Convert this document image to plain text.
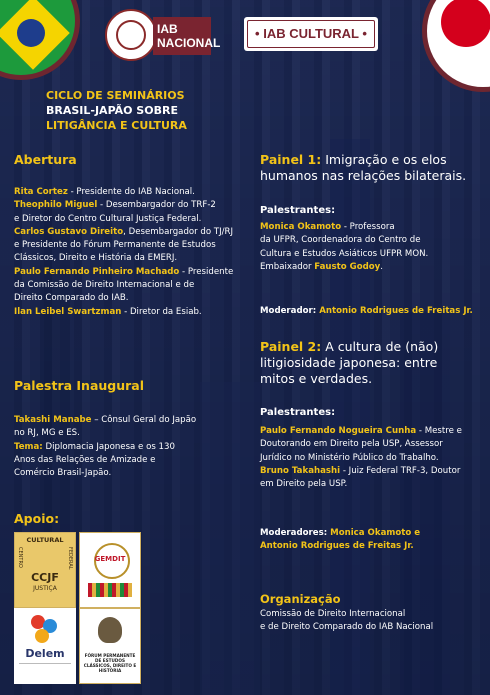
IAB
NACIONAL
• IAB CULTURAL •
CICLO DE SEMINÁRIOS
BRASIL-JAPÃO SOBRE
LITIGÂNCIA E CULTURA
Abertura
Rita Cortez - Presidente do IAB Nacional.
Theophilo Miguel - Desembargador do TRF-2
e Diretor do Centro Cultural Justiça Federal.
Carlos Gustavo Direito, Desembargador do TJ/RJ
e Presidente do Fórum Permanente de Estudos
Clássicos, Direito e História da EMERJ.
Paulo Fernando Pinheiro Machado - Presidente
da Comissão de Direito Internacional e de
Direito Comparado do IAB.
Ilan Leibel Swartzman - Diretor da Esiab.
Palestra Inaugural
Takashi Manabe – Cônsul Geral do Japão
no RJ, MG e ES.
Tema: Diplomacia Japonesa e os 130
Anos das Relações de Amizade e
Comércio Brasil-Japão.
Apoio:
CULTURAL
CENTRO	FEDERAL
CCJF
JUSTIÇA
GEMDIT
Delem	FÓRUM PERMANENTE DE ESTUDOS CLÁSSICOS, DIREITO E HISTÓRIA
Painel 1: Imigração e os elos
humanos nas relações bilaterais.
Palestrantes:
Monica Okamoto - Professora
da UFPR, Coordenadora do Centro de
Cultura e Estudos Asiáticos UFPR MON.
Embaixador Fausto Godoy.
Moderador: Antonio Rodrigues de Freitas Jr.
Painel 2: A cultura de (não)
litigiosidade japonesa: entre
mitos e verdades.
Palestrantes:
Paulo Fernando Nogueira Cunha - Mestre e
Doutorando em Direito pela USP, Assessor
Jurídico no Ministério Público do Trabalho.
Bruno Takahashi - Juiz Federal TRF-3, Doutor
em Direito pela USP.
Moderadores: Monica Okamoto e
Antonio Rodrigues de Freitas Jr.
Organização
Comissão de Direito Internacional
e de Direito Comparado do IAB Nacional
